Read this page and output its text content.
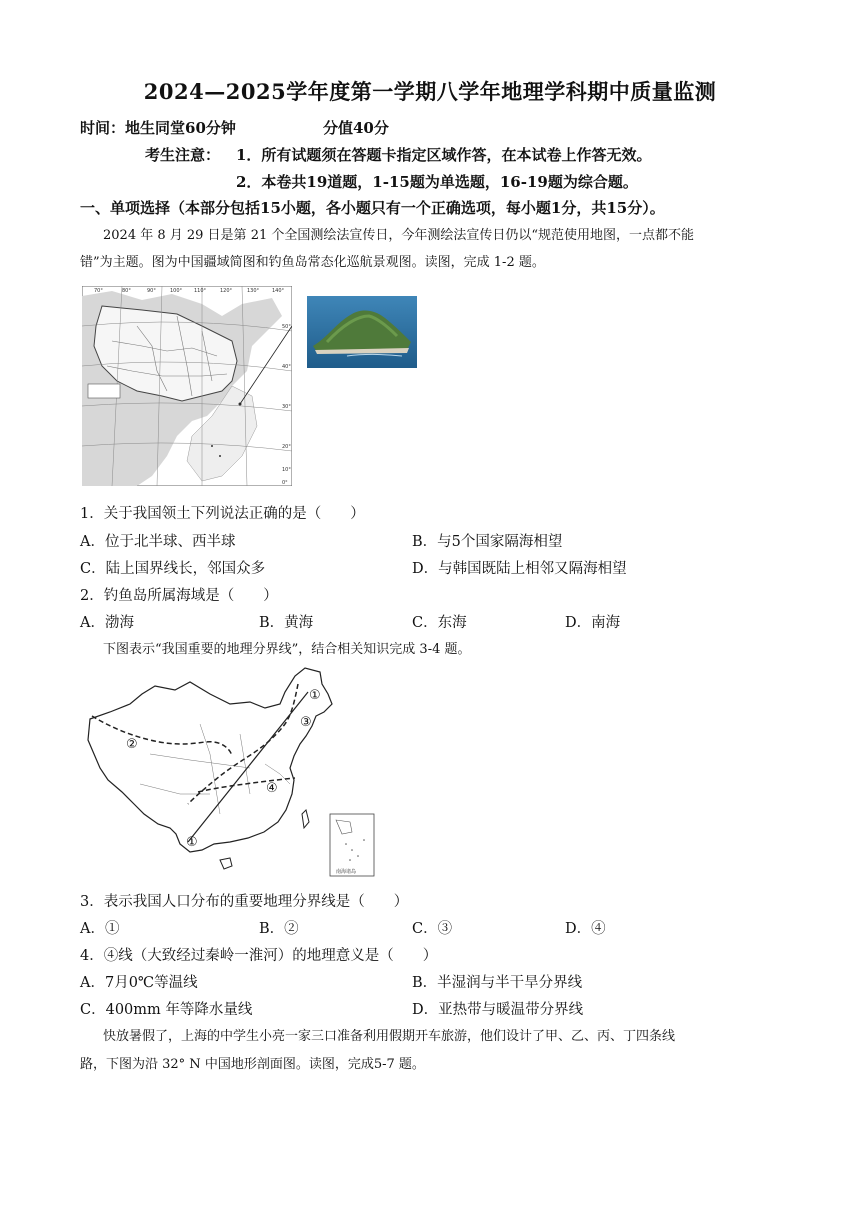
2024—2025学年度第一学期八学年地理学科期中质量监测
时间：地生同堂60分钟	分值40分
考生注意： 1．所有试题须在答题卡指定区域作答，在本试卷上作答无效。
2．本卷共19道题，1-15题为单选题，16-19题为综合题。
一、单项选择（本部分包括15小题，各小题只有一个正确选项，每小题1分，共15分）。
2024 年 8 月 29 日是第 21 个全国测绘法宣传日，今年测绘法宣传日仍以“规范使用地图，一点都不能
错”为主题。图为中国疆域简图和钓鱼岛常态化巡航景观图。读图，完成 1-2 题。
70°	80°	90°	100° 110°	120°	130°	140°
50°
40°
30°
20°
10°
0°
1．关于我国领土下列说法正确的是（　　）
A．位于北半球、西半球	B．与5个国家隔海相望
C．陆上国界线长，邻国众多	D．与韩国既陆上相邻又隔海相望
2．钓鱼岛所属海域是（　　）
A．渤海	B．黄海	C．东海	D．南海
下图表示“我国重要的地理分界线”，结合相关知识完成 3-4 题。
南海诸岛
①
②
③
④
①
3．表示我国人口分布的重要地理分界线是（　　）
A．①	B．②	C．③	D．④
4．④线（大致经过秦岭一淮河）的地理意义是（　　）
A．7月0℃等温线	B．半湿润与半干旱分界线
C．400mm 年等降水量线	D．亚热带与暖温带分界线
快放暑假了，上海的中学生小亮一家三口准备利用假期开车旅游，他们设计了甲、乙、丙、丁四条线
路，下图为沿 32° N 中国地形剖面图。读图，完成5-7 题。
